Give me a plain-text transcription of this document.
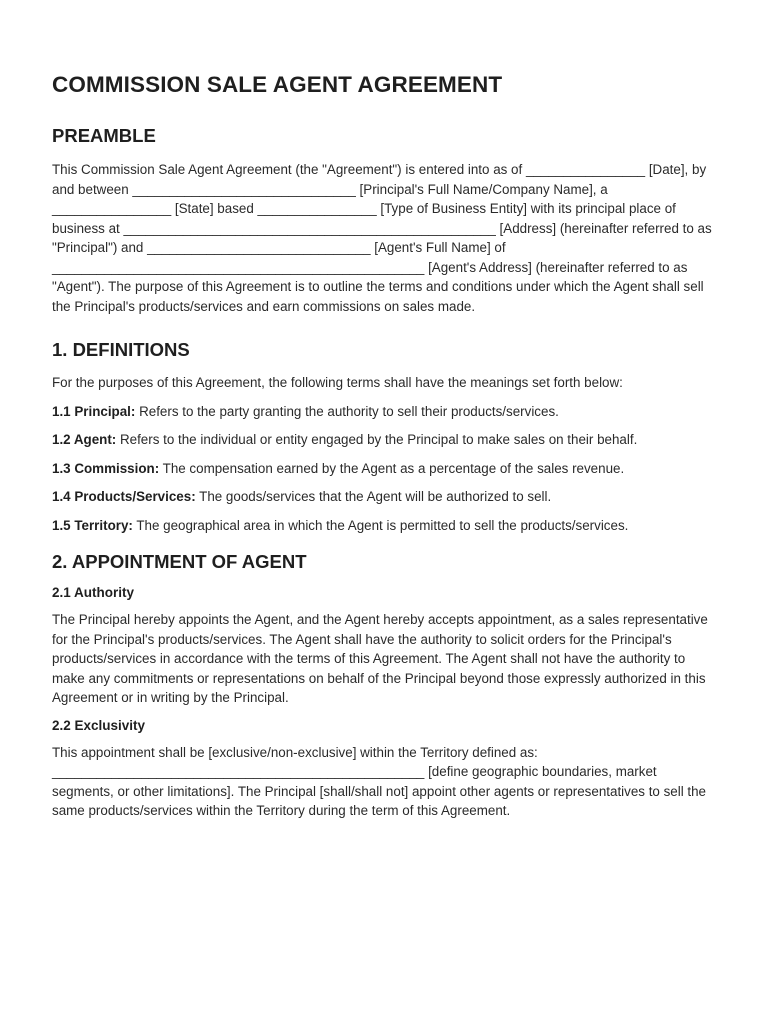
COMMISSION SALE AGENT AGREEMENT
PREAMBLE

This Commission Sale Agent Agreement (the "Agreement") is entered into as of ________________ [Date], by and between ______________________________ [Principal's Full Name/Company Name], a ________________ [State] based ________________ [Type of Business Entity] with its principal place of business at __________________________________________________ [Address] (hereinafter referred to as "Principal") and ______________________________ [Agent's Full Name] of __________________________________________________ [Agent's Address] (hereinafter referred to as "Agent"). The purpose of this Agreement is to outline the terms and conditions under which the Agent shall sell the Principal's products/services and earn commissions on sales made.

1. DEFINITIONS

For the purposes of this Agreement, the following terms shall have the meanings set forth below:

1.1 Principal: Refers to the party granting the authority to sell their products/services.

1.2 Agent: Refers to the individual or entity engaged by the Principal to make sales on their behalf.

1.3 Commission: The compensation earned by the Agent as a percentage of the sales revenue.

1.4 Products/Services: The goods/services that the Agent will be authorized to sell.

1.5 Territory: The geographical area in which the Agent is permitted to sell the products/services.

2. APPOINTMENT OF AGENT
2.1 Authority

The Principal hereby appoints the Agent, and the Agent hereby accepts appointment, as a sales representative for the Principal's products/services. The Agent shall have the authority to solicit orders for the Principal's products/services in accordance with the terms of this Agreement. The Agent shall not have the authority to make any commitments or representations on behalf of the Principal beyond those expressly authorized in this Agreement or in writing by the Principal.

2.2 Exclusivity

This appointment shall be [exclusive/non-exclusive] within the Territory defined as: __________________________________________________ [define geographic boundaries, market segments, or other limitations]. The Principal [shall/shall not] appoint other agents or representatives to sell the same products/services within the Territory during the term of this Agreement.
